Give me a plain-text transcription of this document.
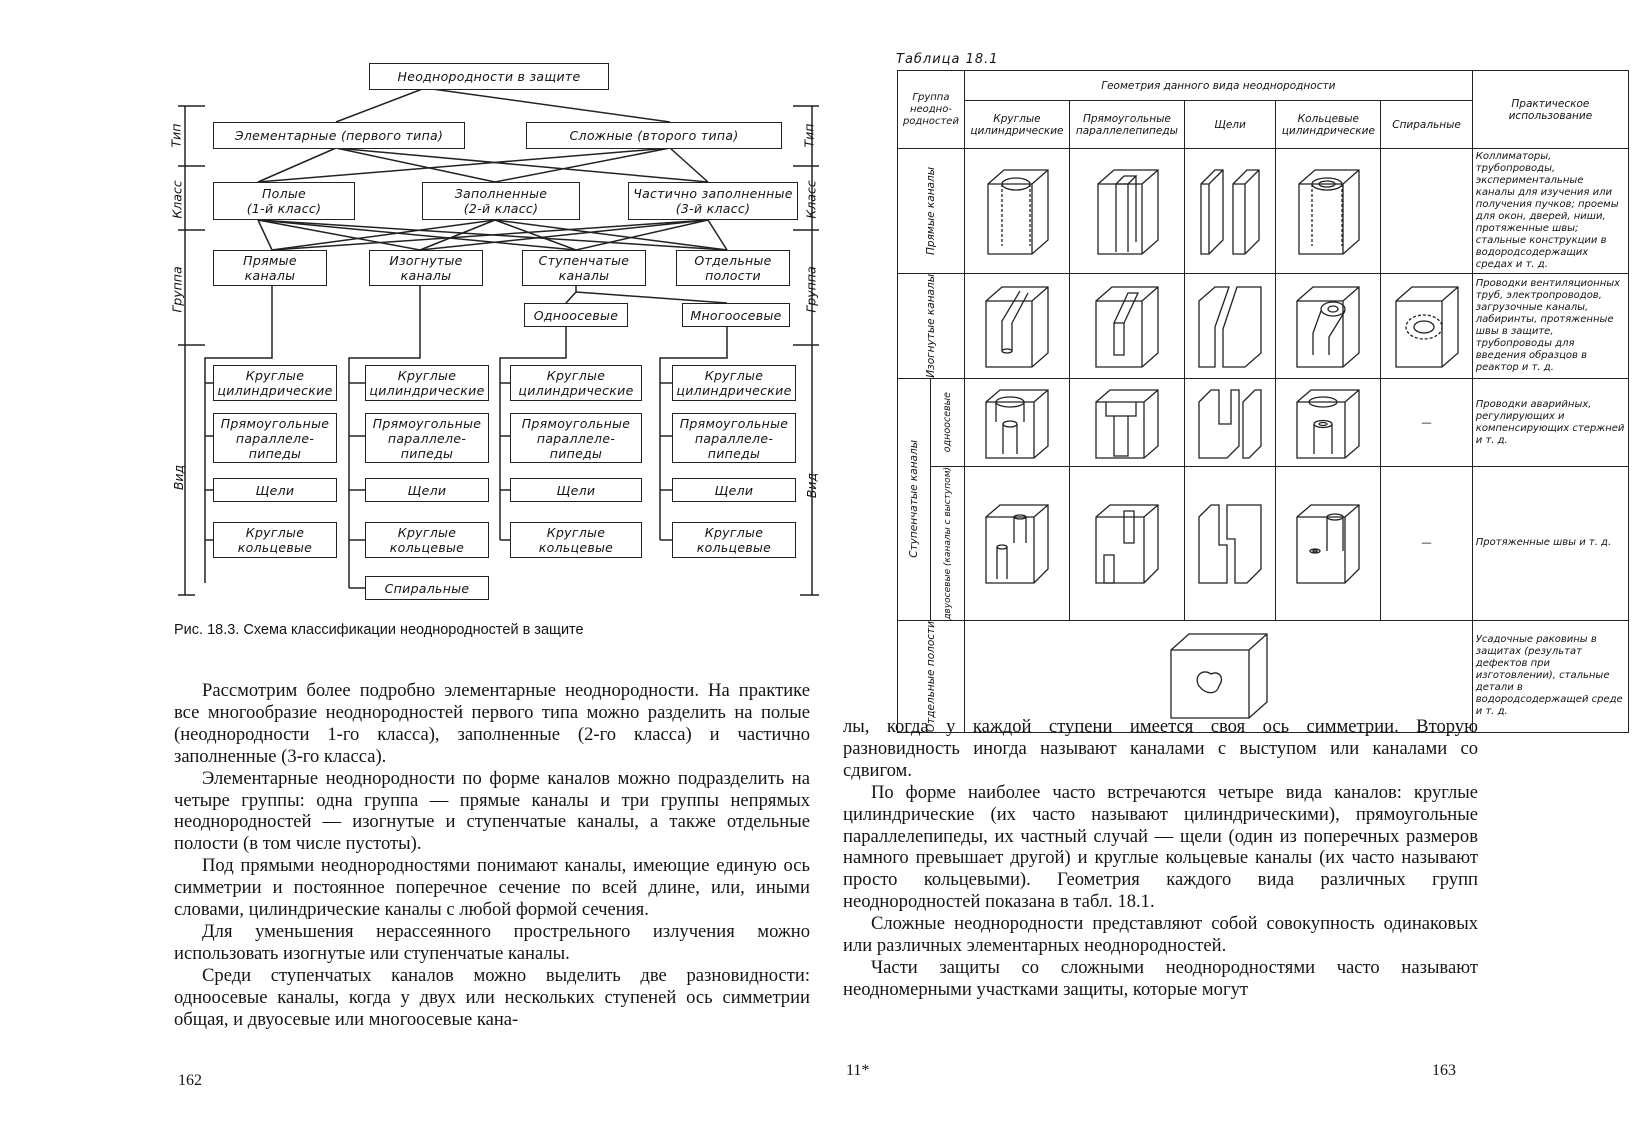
Неоднородности в защите
Элементарные (первого типа)	Сложные (второго типа)
Полые
(1-й класс)
Заполненные
(2-й класс)
Частично заполненные
(3-й класс)
Прямые
каналы
Изогнутые
каналы
Ступенчатые
каналы
Отдельные
полости
Одноосевые	Многоосевые
Круглые
цилиндрические
Прямоугольные
параллеле-
пипеды
Щели
Круглые
кольцевые
Круглые
цилиндрические
Прямоугольные
параллеле-
пипеды
Щели
Круглые
кольцевые
Спиральные
Круглые
цилиндрические
Прямоугольные
параллеле-
пипеды
Щели
Круглые
кольцевые
Круглые
цилиндрические
Прямоугольные
параллеле-
пипеды
Щели
Круглые
кольцевые
Тип
Класс
Группа
Вид
Тип
Класс
Группа
Вид
Рис. 18.3. Схема классификации неоднородностей в защите

Рассмотрим более подробно элементарные неоднородности. На практике все многообразие неоднородностей первого типа можно разделить на полые (неоднородности 1-го класса), заполненные (2-го класса) и частично заполненные (3-го класса).

Элементарные неоднородности по форме каналов можно подразделить на четыре группы: одна группа — прямые каналы и три группы непрямых неоднородностей — изогнутые и ступенчатые каналы, а также отдельные полости (в том числе пустоты).

Под прямыми неоднородностями понимают каналы, имеющие единую ось симметрии и постоянное поперечное сечение по всей длине, или, иными словами, цилиндрические каналы с любой формой сечения.

Для уменьшения нерассеянного прострельного излучения можно использовать изогнутые или ступенчатые каналы.

Среди ступенчатых каналов можно выделить две разновидности: одноосевые каналы, когда у двух или нескольких ступеней ось симметрии общая, и двуосевые или многоосевые кана-

162
Таблица 18.1
Группа неодно-родностей		Геометрия данного вида неоднородности					Практическое использование
		Круглые цилиндрические	Прямоугольные параллелепипеды	Щели	Кольцевые цилиндрические	Спиральные	

Прямые каналы							Коллиматоры, трубопроводы, экспериментальные каналы для изучения или получения пучков; проемы для окон, дверей, ниши, протяженные швы; стальные конструкции в водородсодержащих средах и т. д.

Изогнутые каналы							Проводки вентиляционных труб, электропроводов, загрузочные каналы, лабиринты, протяженные швы в защите, трубопроводы для введения образцов в реактор и т. д.

Ступенчатые каналы	одноосевые					—	Проводки аварийных, регулирующих и компенсирующих стержней и т. д.

	двуосевые (каналы с выступом)					—	Протяженные швы и т. д.

Отдельные полости							Усадочные раковины в защитах (результат дефектов при изготовлении), стальные детали в водородсодержащей среде и т. д.

лы, когда у каждой ступени имеется своя ось симметрии. Вторую разновидность иногда называют каналами с выступом или каналами со сдвигом.

По форме наиболее часто встречаются четыре вида каналов: круглые цилиндрические (их часто называют цилиндрическими), прямоугольные параллелепипеды, их частный случай — щели (один из поперечных размеров намного превышает другой) и круглые кольцевые каналы (их часто называют просто кольцевыми). Геометрия каждого вида различных групп неоднородностей показана в табл. 18.1.

Сложные неоднородности представляют собой совокупность одинаковых или различных элементарных неоднородностей.

Части защиты со сложными неоднородностями часто называют неодномерными участками защиты, которые могут

11*	163
